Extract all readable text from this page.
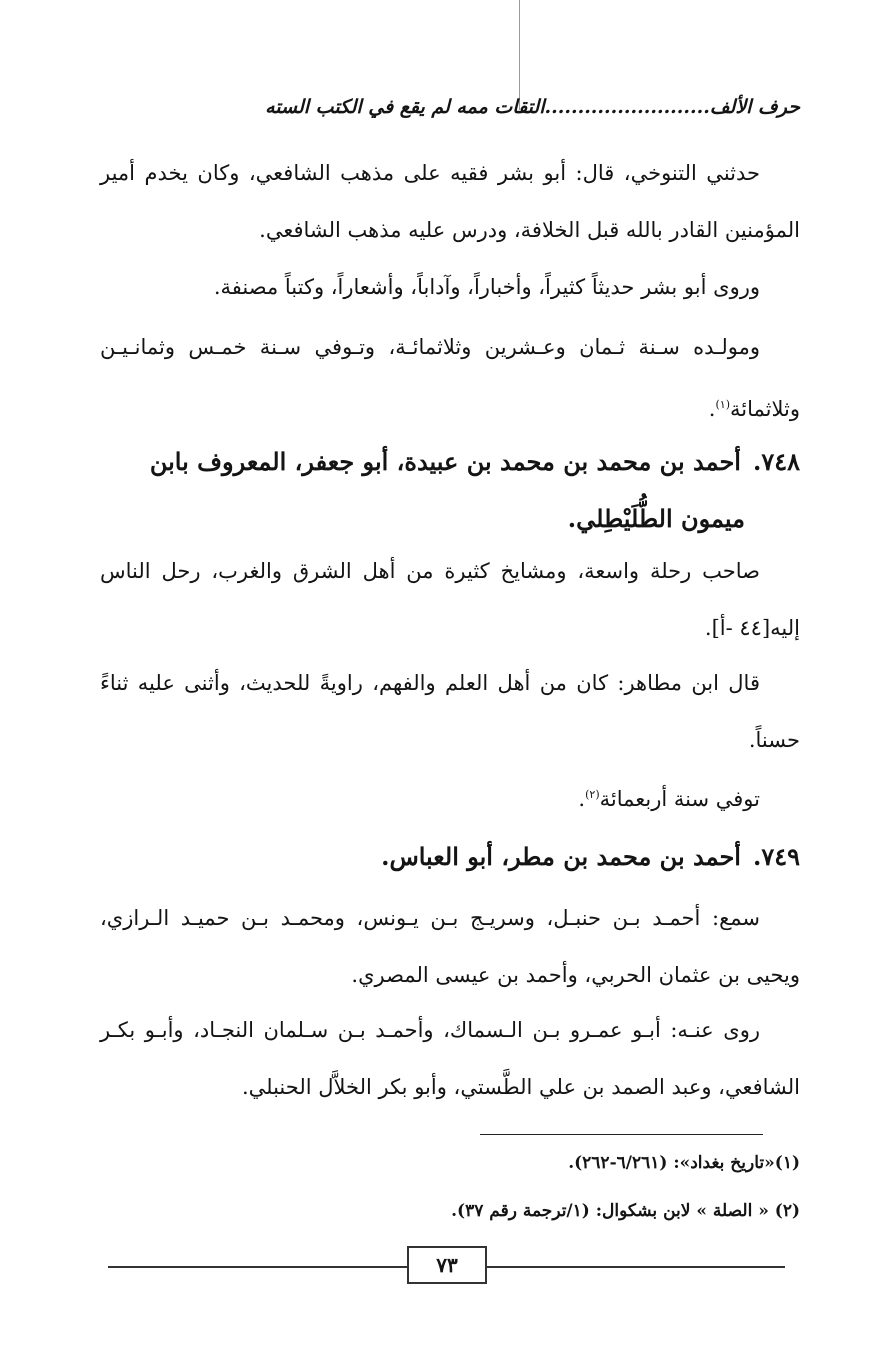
حرف الألف.........................التقات ممه لم يقع في الكتب السته
حدثني التنوخي، قال: أبو بشر فقيه على مذهب الشافعي، وكان يخدم أمير المؤمنين القادر بالله قبل الخلافة، ودرس عليه مذهب الشافعي.
وروى أبو بشر حديثاً كثيراً، وأخباراً، وآداباً، وأشعاراً، وكتباً مصنفة.
ومولـده سـنة ثـمان وعـشرين وثلاثمائـة، وتـوفي سـنة خمـس وثمانـيـن وثلاثمائة$^{(١)}$.
٧٤٨.أحمد بن محمد بن محمد بن عبيدة، أبو جعفر، المعروف بابن
ميمون الطُّلَيْطِلي.
صاحب رحلة واسعة، ومشايخ كثيرة من أهل الشرق والغرب، رحل الناس إليه[٤٤ -أ].
قال ابن مطاهر: كان من أهل العلم والفهم، راويةً للحديث، وأثنى عليه ثناءً حسناً.
توفي سنة أربعمائة$^{(٢)}$.
٧٤٩.أحمد بن محمد بن مطر، أبو العباس.
سمع: أحمـد بـن حنبـل، وسريـج بـن يـونس، ومحمـد بـن حميـد الـرازي، ويحيى بن عثمان الحربي، وأحمد بن عيسى المصري.
روى عنـه: أبـو عمـرو بـن الـسماك، وأحمـد بـن سـلمان النجـاد، وأبـو بكـر الشافعي، وعبد الصمد بن علي الطَّستي، وأبو بكر الخلاَّل الحنبلي.
(١)«تاريخ بغداد»: (٦/٢٦١-٢٦٢).
(٢) « الصلة » لابن بشكوال: (١/ترجمة رقم ٣٧).
٧٣
